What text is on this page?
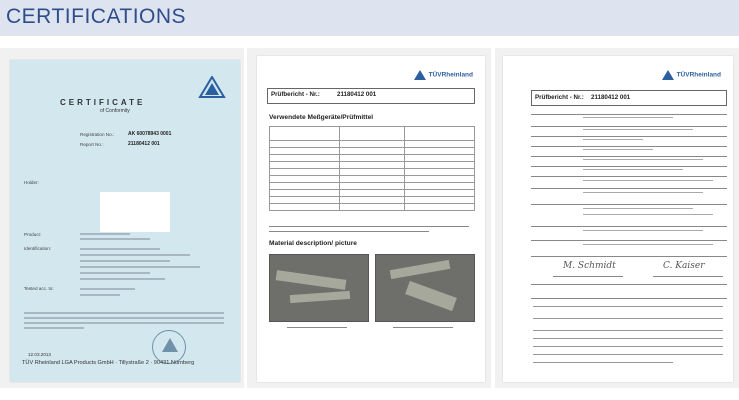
CERTIFICATIONS
CERTIFICATE
of Conformity
Registration No.:	AK 60078943 0001
Report No.:	21180412 001
Holder:
Product:
Identification:
Tested acc. to:
12.03.2013
TÜV Rheinland LGA Products GmbH · Tillystraße 2 · 90431 Nürnberg
TÜVRheinland
Prüfbericht - Nr.:	21180412 001
Verwendete Meßgeräte/Prüfmittel

Material description/ picture
TÜVRheinland
Prüfbericht - Nr.: 21180412 001
M. Schmidt	C. Kaiser
